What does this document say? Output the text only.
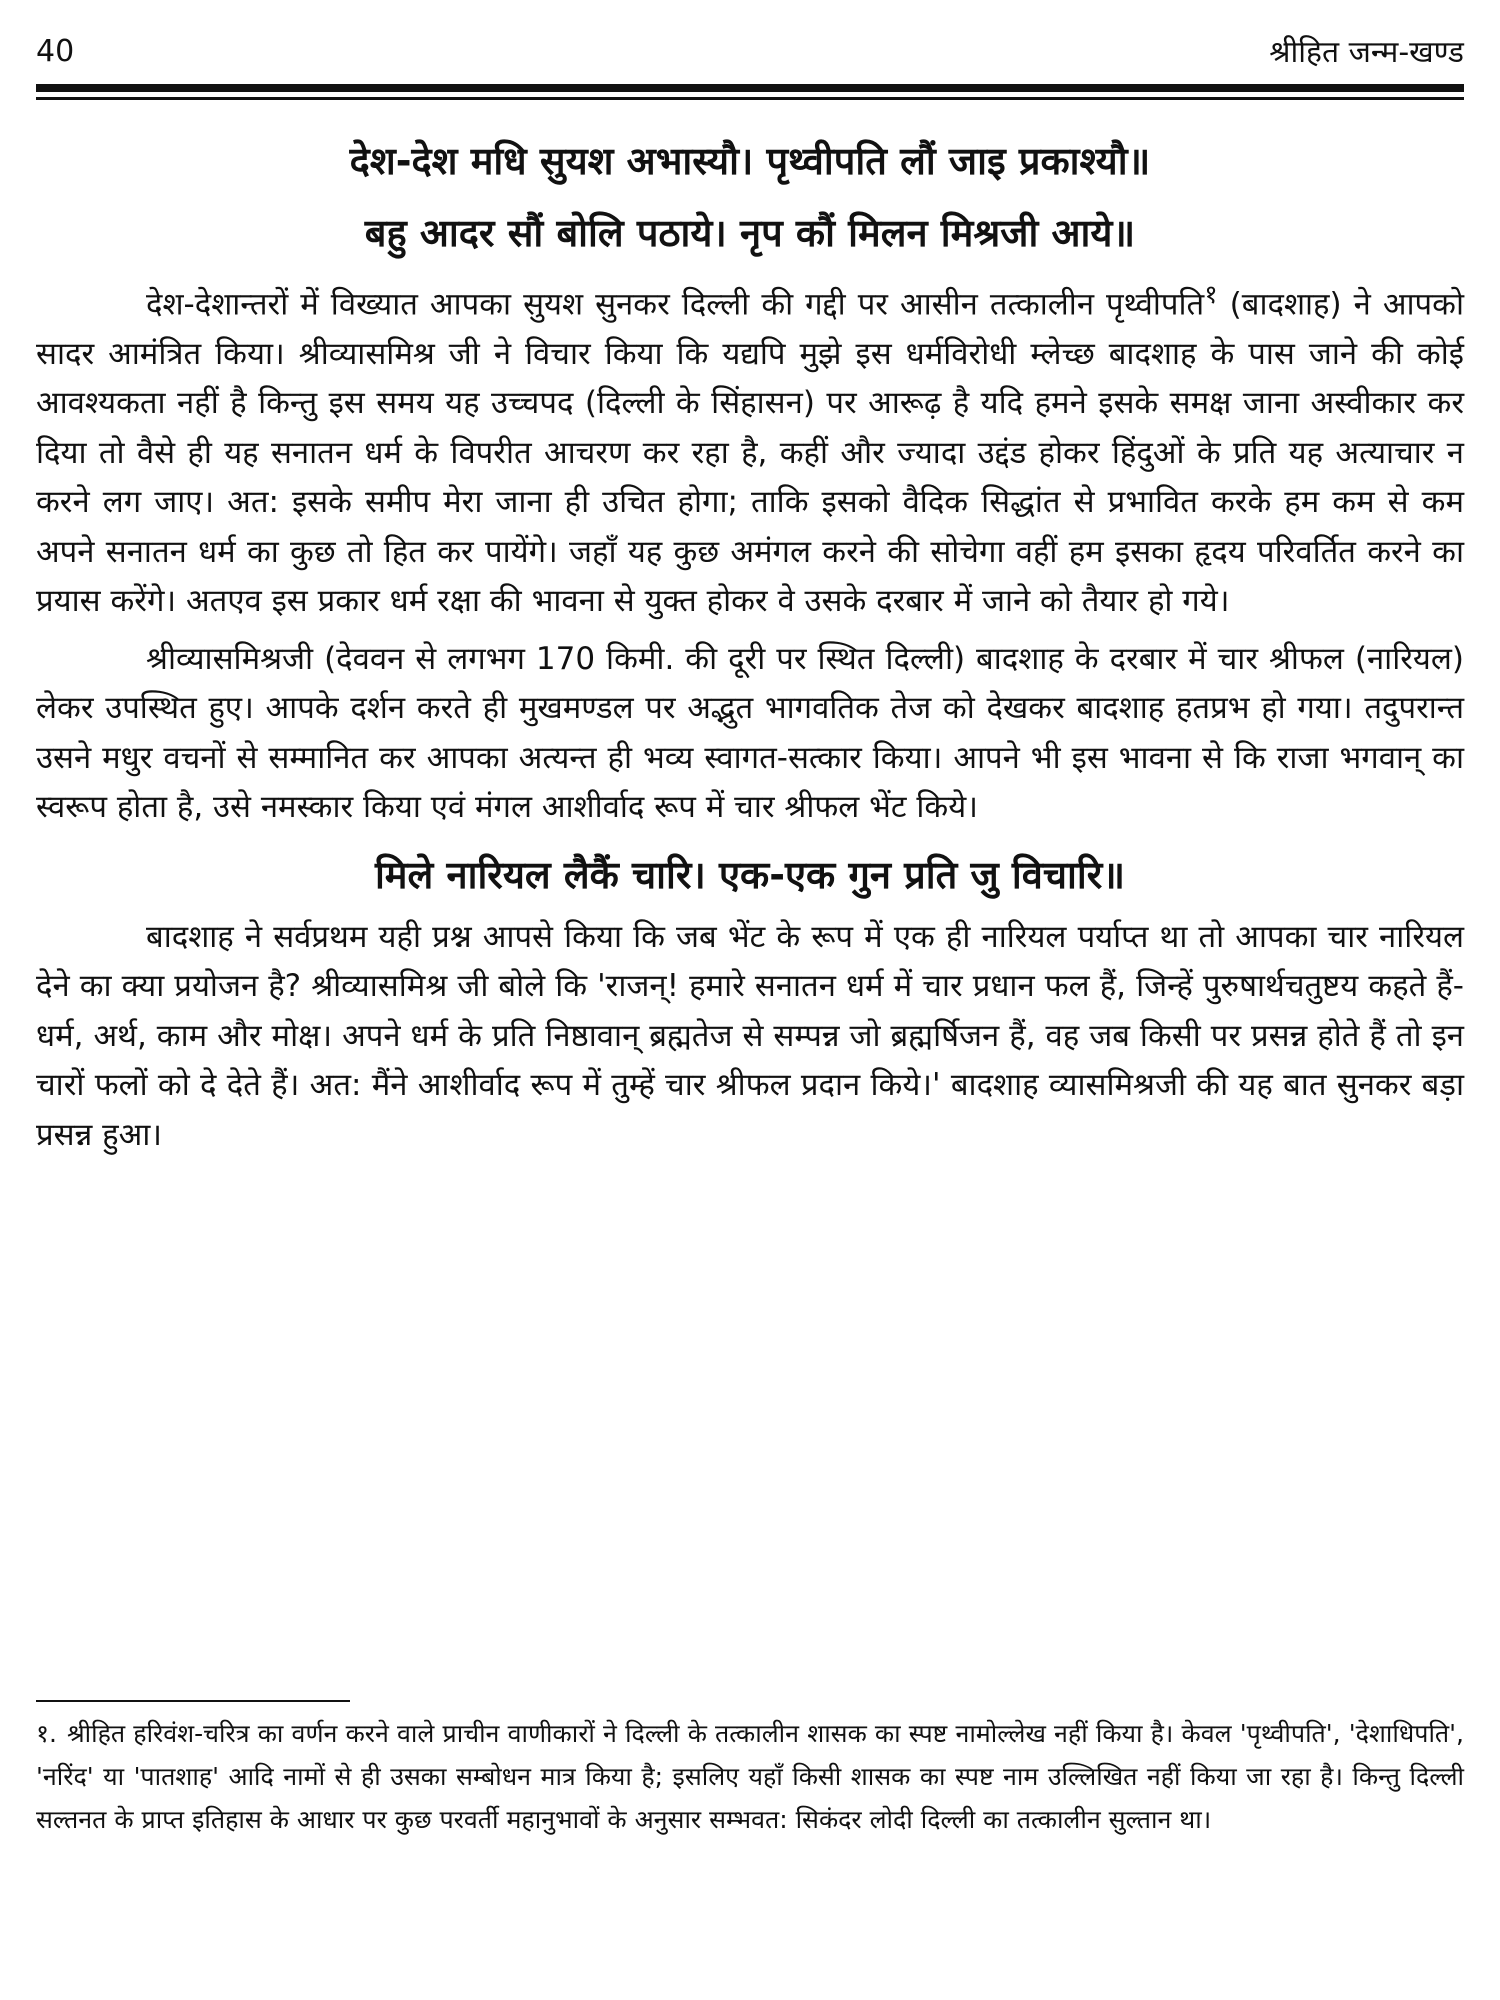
40	श्रीहित जन्म-खण्ड

देश-देश मधि सुयश अभास्यौ। पृथ्वीपति लौं जाइ प्रकाश्यौ॥

बहु आदर सौं बोलि पठाये। नृप कौं मिलन मिश्रजी आये॥

देश-देशान्तरों में विख्यात आपका सुयश सुनकर दिल्ली की गद्दी पर आसीन तत्कालीन पृथ्वीपति$^१$ (बादशाह) ने आपको सादर आमंत्रित किया। श्रीव्यासमिश्र जी ने विचार किया कि यद्यपि मुझे इस धर्मविरोधी म्लेच्छ बादशाह के पास जाने की कोई आवश्यकता नहीं है किन्तु इस समय यह उच्चपद (दिल्ली के सिंहासन) पर आरूढ़ है यदि हमने इसके समक्ष जाना अस्वीकार कर दिया तो वैसे ही यह सनातन धर्म के विपरीत आचरण कर रहा है, कहीं और ज्यादा उद्दंड होकर हिंदुओं के प्रति यह अत्याचार न करने लग जाए। अत: इसके समीप मेरा जाना ही उचित होगा; ताकि इसको वैदिक सिद्धांत से प्रभावित करके हम कम से कम अपने सनातन धर्म का कुछ तो हित कर पायेंगे। जहाँ यह कुछ अमंगल करने की सोचेगा वहीं हम इसका हृदय परिवर्तित करने का प्रयास करेंगे। अतएव इस प्रकार धर्म रक्षा की भावना से युक्त होकर वे उसके दरबार में जाने को तैयार हो गये।

श्रीव्यासमिश्रजी (देववन से लगभग 170 किमी. की दूरी पर स्थित दिल्ली) बादशाह के दरबार में चार श्रीफल (नारियल) लेकर उपस्थित हुए। आपके दर्शन करते ही मुखमण्डल पर अद्भुत भागवतिक तेज को देखकर बादशाह हतप्रभ हो गया। तदुपरान्त उसने मधुर वचनों से सम्मानित कर आपका अत्यन्त ही भव्य स्वागत-सत्कार किया। आपने भी इस भावना से कि राजा भगवान् का स्वरूप होता है, उसे नमस्कार किया एवं मंगल आशीर्वाद रूप में चार श्रीफल भेंट किये।

मिले नारियल लैकैं चारि। एक-एक गुन प्रति जु विचारि॥

बादशाह ने सर्वप्रथम यही प्रश्न आपसे किया कि जब भेंट के रूप में एक ही नारियल पर्याप्त था तो आपका चार नारियल देने का क्या प्रयोजन है? श्रीव्यासमिश्र जी बोले कि 'राजन्! हमारे सनातन धर्म में चार प्रधान फल हैं, जिन्हें पुरुषार्थचतुष्टय कहते हैं-धर्म, अर्थ, काम और मोक्ष। अपने धर्म के प्रति निष्ठावान् ब्रह्मतेज से सम्पन्न जो ब्रह्मर्षिजन हैं, वह जब किसी पर प्रसन्न होते हैं तो इन चारों फलों को दे देते हैं। अत: मैंने आशीर्वाद रूप में तुम्हें चार श्रीफल प्रदान किये।' बादशाह व्यासमिश्रजी की यह बात सुनकर बड़ा प्रसन्न हुआ।

१. श्रीहित हरिवंश-चरित्र का वर्णन करने वाले प्राचीन वाणीकारों ने दिल्ली के तत्कालीन शासक का स्पष्ट नामोल्लेख नहीं किया है। केवल 'पृथ्वीपति', 'देशाधिपति', 'नरिंद' या 'पातशाह' आदि नामों से ही उसका सम्बोधन मात्र किया है; इसलिए यहाँ किसी शासक का स्पष्ट नाम उल्लिखित नहीं किया जा रहा है। किन्तु दिल्ली सल्तनत के प्राप्त इतिहास के आधार पर कुछ परवर्ती महानुभावों के अनुसार सम्भवत: सिकंदर लोदी दिल्ली का तत्कालीन सुल्तान था।
